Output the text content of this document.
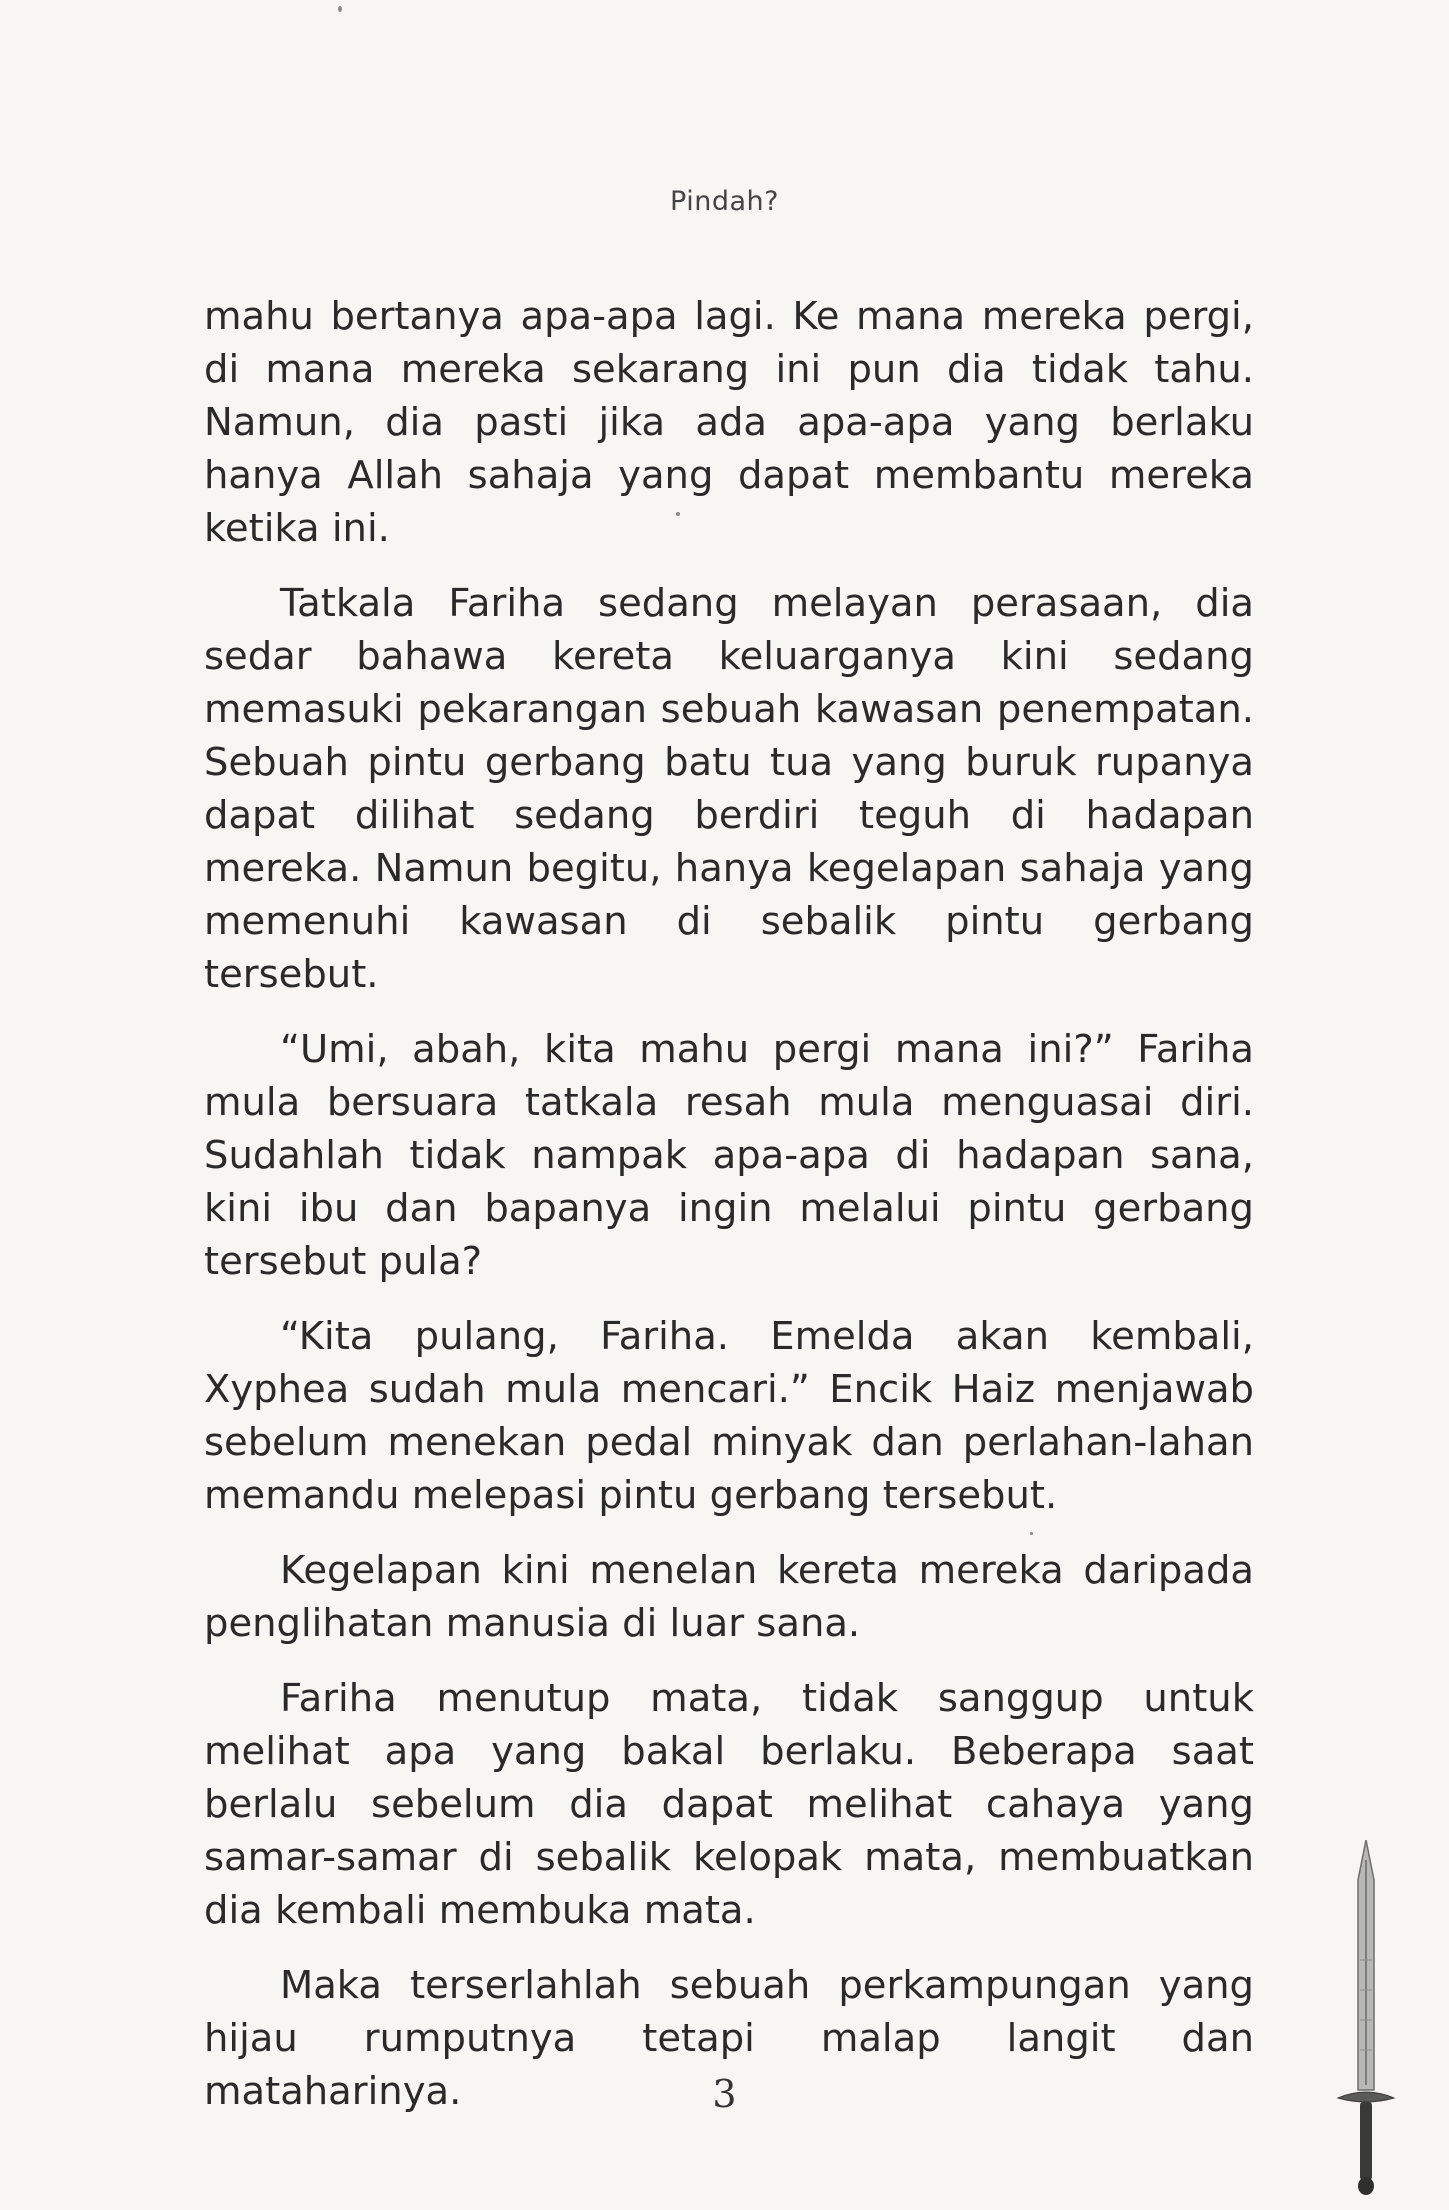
Pindah?

mahu bertanya apa-apa lagi. Ke mana mereka pergi, di mana mereka sekarang ini pun dia tidak tahu. Namun, dia pasti jika ada apa-apa yang berlaku hanya Allah sahaja yang dapat membantu mereka ketika ini.

Tatkala Fariha sedang melayan perasaan, dia sedar bahawa kereta keluarganya kini sedang memasuki pekarangan sebuah kawasan penempatan. Sebuah pintu gerbang batu tua yang buruk rupanya dapat dilihat sedang berdiri teguh di hadapan mereka. Namun begitu, hanya kegelapan sahaja yang memenuhi kawasan di sebalik pintu gerbang tersebut.

“Umi, abah, kita mahu pergi mana ini?” Fariha mula bersuara tatkala resah mula menguasai diri. Sudahlah tidak nampak apa-apa di hadapan sana, kini ibu dan bapanya ingin melalui pintu gerbang tersebut pula?

“Kita pulang, Fariha. Emelda akan kembali, Xyphea sudah mula mencari.” Encik Haiz menjawab sebelum menekan pedal minyak dan perlahan-lahan memandu melepasi pintu gerbang tersebut.

Kegelapan kini menelan kereta mereka daripada penglihatan manusia di luar sana.

Fariha menutup mata, tidak sanggup untuk melihat apa yang bakal berlaku. Beberapa saat berlalu sebelum dia dapat melihat cahaya yang samar-samar di sebalik kelopak mata, membuatkan dia kembali membuka mata.

Maka terserlahlah sebuah perkampungan yang hijau rumputnya tetapi malap langit dan mataharinya.	3
